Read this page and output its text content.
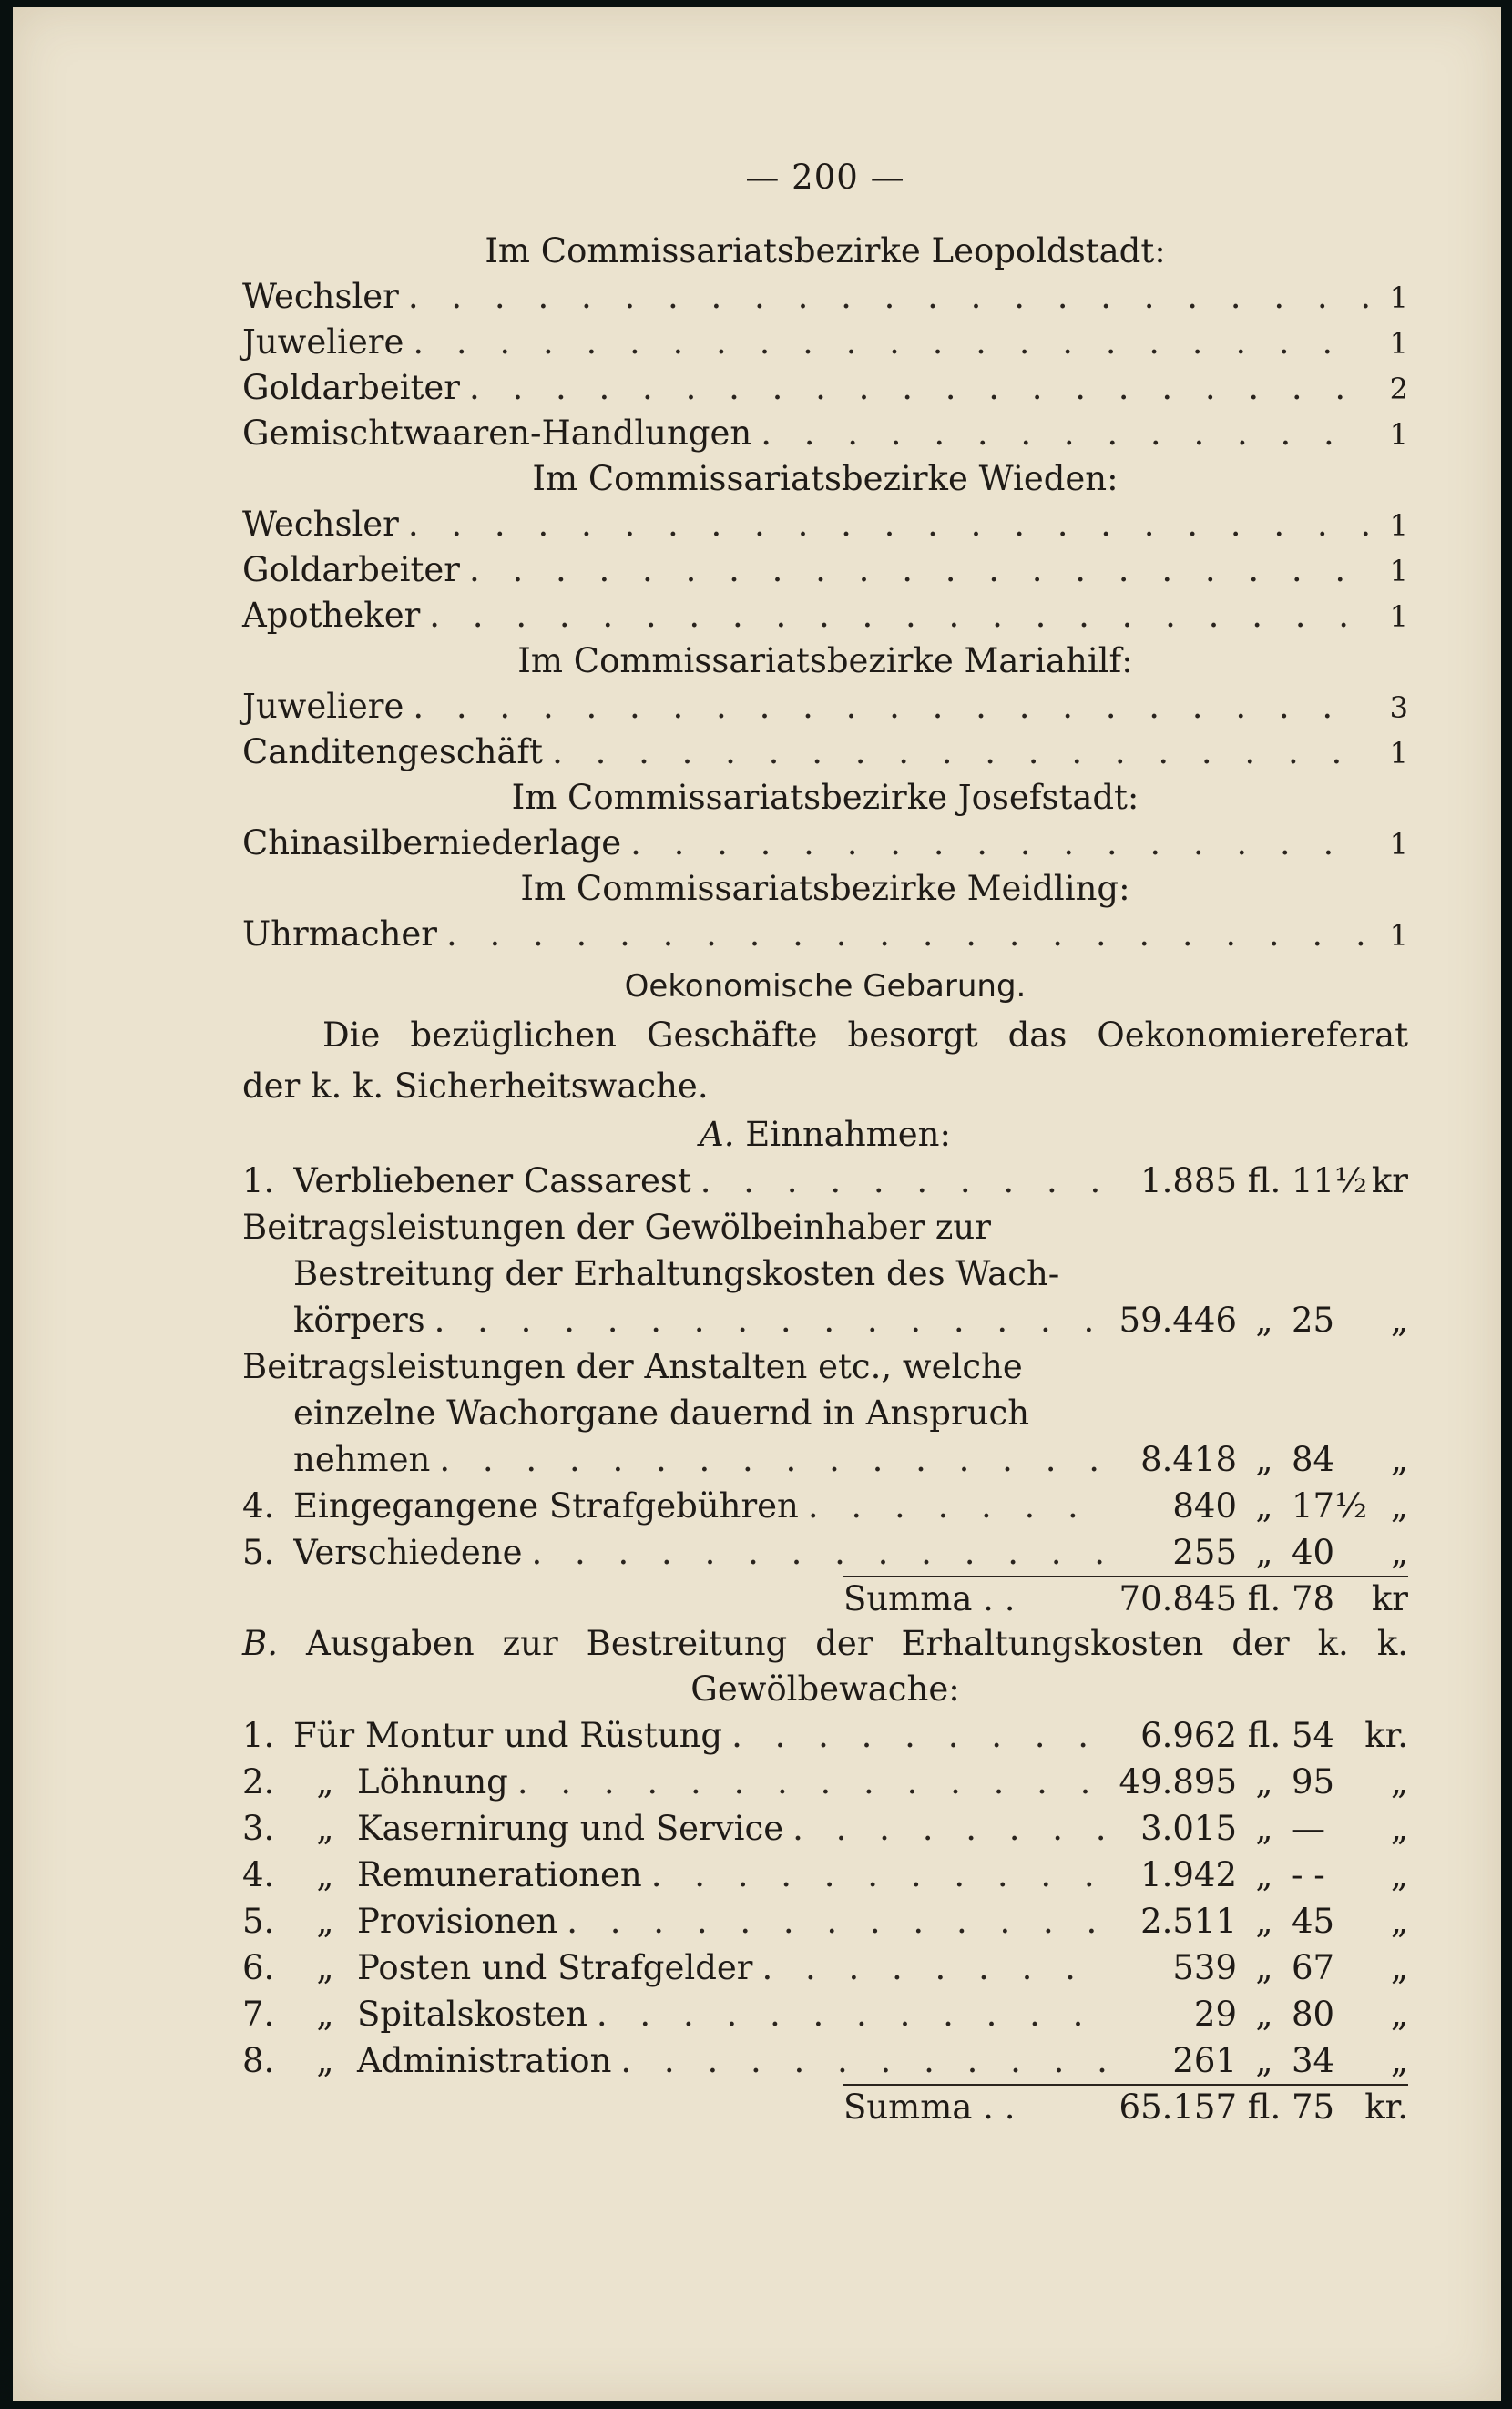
— 200 —
Im Commissariatsbezirke Leopoldstadt:
Wechsler . . .	1
Juweliere . . .	1
Goldarbeiter . . .	2
Gemischtwaaren-Handlungen . . .	1
Im Commissariatsbezirke Wieden:
Wechsler . . .	1
Goldarbeiter . . .	1
Apotheker . . .	1
Im Commissariatsbezirke Mariahilf:
Juweliere . . .	3
Canditengeschäft . . .	1
Im Commissariatsbezirke Josefstadt:
Chinasilberniederlage . . .	1
Im Commissariatsbezirke Meidling:
Uhrmacher . . .	1
Oekonomische Gebarung.
Die bezüglichen Geschäfte besorgt das Oekonomiereferat
der k. k. Sicherheitswache.
A. Einnahmen:
1. Verbliebener Cassarest . . .	1.885 fl. 11½ kr
Beitragsleistungen der Gewölbeinhaber zur
Bestreitung der Erhaltungskosten des Wach-
körpers . . .	59.446 „ 25	„
Beitragsleistungen der Anstalten etc., welche
einzelne Wachorgane dauernd in Anspruch
nehmen . . .	8.418 „ 84	„
4. Eingegangene Strafgebühren . . .	840 „ 17½ „
5. Verschiedene . . .	255 „ 40	„
Summa . .	70.845 fl. 78	kr
B. Ausgaben zur Bestreitung der Erhaltungskosten der k. k.
Gewölbewache:
1. Für Montur und Rüstung . . .	6.962 fl. 54 kr.
2.	„ Löhnung . . .	49.895 „ 95	„
3.	„ Kasernirung und Service . . .	3.015 „ —	„
4.	„ Remunerationen . . .	1.942 „ - -	„
5.	„ Provisionen . . .	2.511 „ 45	„
6.	„ Posten und Strafgelder . . .	539 „ 67	„
7.	„ Spitalskosten . . .	29 „ 80	„
8.	„ Administration . . .	261 „ 34	„
Summa . .	65.157 fl. 75 kr.
